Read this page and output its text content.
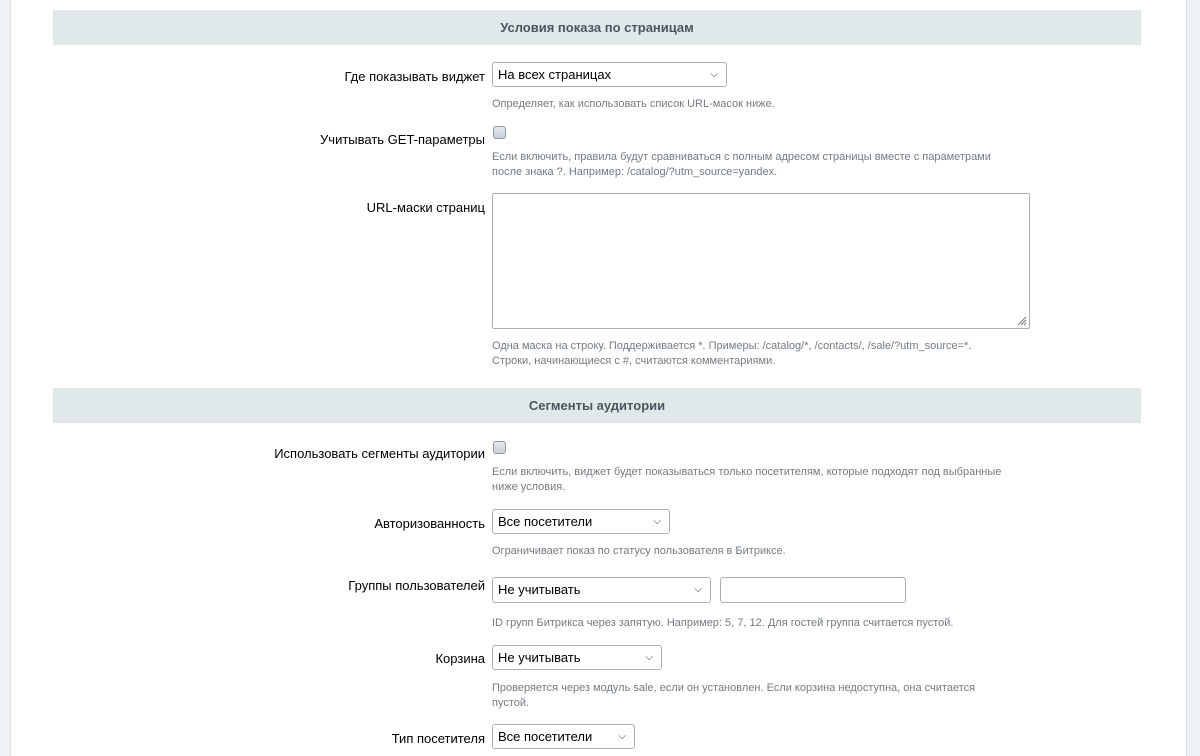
Условия показа по страницам
Где показывать виджет	На всех страницах	⌵
Определяет, как использовать список URL-масок ниже.
Учитывать GET-параметры
Если включить, правила будут сравниваться с полным адресом страницы вместе с параметрами после знака ?. Например: /catalog/?utm_source=yandex.
URL-маски страниц
Одна маска на строку. Поддерживается *. Примеры: /catalog/*, /contacts/, /sale/?utm_source=*. Строки, начинающиеся с #, считаются комментариями.
Сегменты аудитории
Использовать сегменты аудитории
Если включить, виджет будет показываться только посетителям, которые подходят под выбранные ниже условия.
Авторизованность	Все посетители	⌵
Ограничивает показ по статусу пользователя в Битриксе.
Группы пользователей	Не учитывать	⌵
ID групп Битрикса через запятую. Например: 5, 7, 12. Для гостей группа считается пустой.
Корзина	Не учитывать	⌵
Проверяется через модуль sale, если он установлен. Если корзина недоступна, она считается пустой.
Тип посетителя	Все посетители	⌵
